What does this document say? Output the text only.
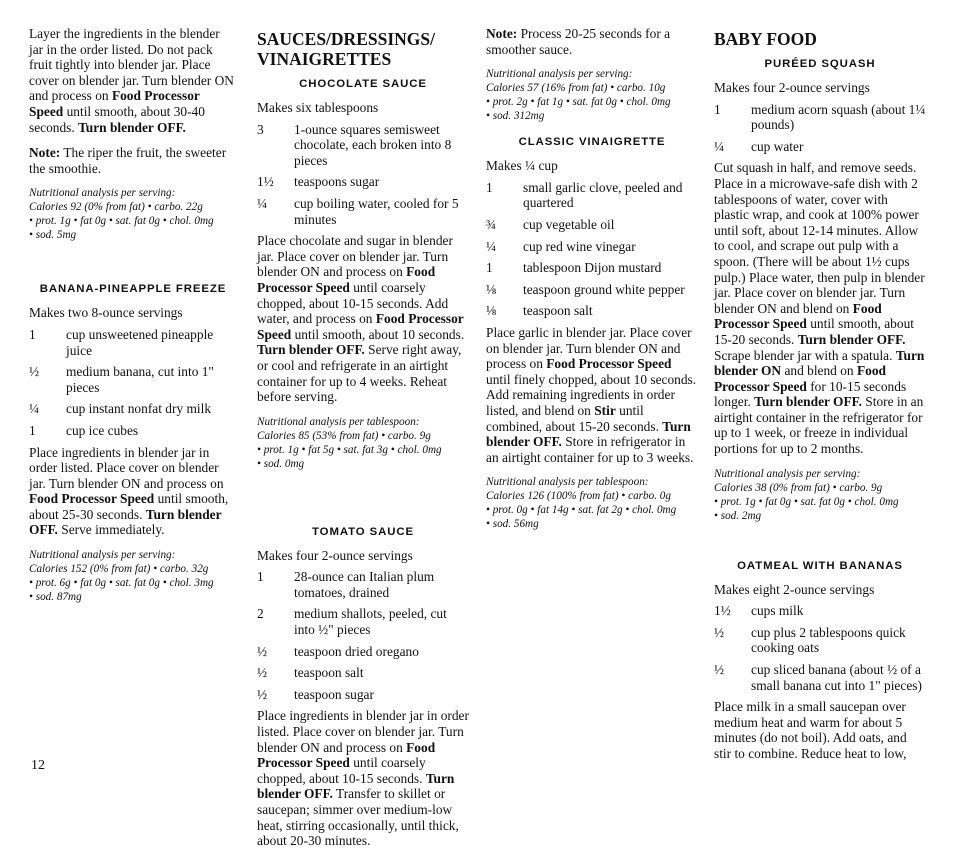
Layer the ingredients in the blender jar in the order listed. Do not pack fruit tightly into blender jar. Place cover on blender jar. Turn blender ON and process on Food Processor Speed until smooth, about 30-40 seconds. Turn blender OFF.

Note: The riper the fruit, the sweeter the smoothie.

Nutritional analysis per serving:
Calories 92 (0% from fat) • carbo. 22g
• prot. 1g • fat 0g • sat. fat 0g • chol. 0mg
• sod. 5mg
BANANA-PINEAPPLE FREEZE
Makes two 8-ounce servings
1	cup unsweetened pineapple juice
½	medium banana, cut into 1" pieces
¼	cup instant nonfat dry milk
1	cup ice cubes

Place ingredients in blender jar in order listed. Place cover on blender jar. Turn blender ON and process on Food Processor Speed until smooth, about 25-30 seconds. Turn blender OFF. Serve immediately.

Nutritional analysis per serving:
Calories 152 (0% from fat) • carbo. 32g
• prot. 6g • fat 0g • sat. fat 0g • chol. 3mg
• sod. 87mg
SAUCES/DRESSINGS/ VINAIGRETTES
CHOCOLATE SAUCE
Makes six tablespoons
3	1-ounce squares semisweet chocolate, each broken into 8 pieces
1½	teaspoons sugar
¼	cup boiling water, cooled for 5 minutes

Place chocolate and sugar in blender jar. Place cover on blender jar. Turn blender ON and process on Food Processor Speed until coarsely chopped, about 10-15 seconds. Add water, and process on Food Processor Speed until smooth, about 10 seconds. Turn blender OFF. Serve right away, or cool and refrigerate in an airtight container for up to 4 weeks. Reheat before serving.

Nutritional analysis per tablespoon:
Calories 85 (53% from fat) • carbo. 9g
• prot. 1g • fat 5g • sat. fat 3g • chol. 0mg
• sod. 0mg
TOMATO SAUCE
Makes four 2-ounce servings
1	28-ounce can Italian plum tomatoes, drained
2	medium shallots, peeled, cut into ½" pieces
½	teaspoon dried oregano
½	teaspoon salt
½	teaspoon sugar

Place ingredients in blender jar in order listed. Place cover on blender jar. Turn blender ON and process on Food Processor Speed until coarsely chopped, about 10-15 seconds. Turn blender OFF. Transfer to skillet or saucepan; simmer over medium-low heat, stirring occasionally, until thick, about 20-30 minutes.

Note: Process 20-25 seconds for a smoother sauce.

Nutritional analysis per serving:
Calories 57 (16% from fat) • carbo. 10g
• prot. 2g • fat 1g • sat. fat 0g • chol. 0mg
• sod. 312mg
CLASSIC VINAIGRETTE
Makes ¼ cup
1	small garlic clove, peeled and quartered
¾	cup vegetable oil
¼	cup red wine vinegar
1	tablespoon Dijon mustard
⅛	teaspoon ground white pepper
⅛	teaspoon salt

Place garlic in blender jar. Place cover on blender jar. Turn blender ON and process on Food Processor Speed until finely chopped, about 10 seconds. Add remaining ingredients in order listed, and blend on Stir until combined, about 15-20 seconds. Turn blender OFF. Store in refrigerator in an airtight container for up to 3 weeks.

Nutritional analysis per tablespoon:
Calories 126 (100% from fat) • carbo. 0g
• prot. 0g • fat 14g • sat. fat 2g • chol. 0mg
• sod. 56mg
BABY FOOD
PURÉED SQUASH
Makes four 2-ounce servings
1	medium acorn squash (about 1¼ pounds)
¼	cup water

Cut squash in half, and remove seeds. Place in a microwave-safe dish with 2 tablespoons of water, cover with plastic wrap, and cook at 100% power until soft, about 12-14 minutes. Allow to cool, and scrape out pulp with a spoon. (There will be about 1½ cups pulp.) Place water, then pulp in blender jar. Place cover on blender jar. Turn blender ON and blend on Food Processor Speed until smooth, about 15-20 seconds. Turn blender OFF. Scrape blender jar with a spatula. Turn blender ON and blend on Food Processor Speed for 10-15 seconds longer. Turn blender OFF. Store in an airtight container in the refrigerator for up to 1 week, or freeze in individual portions for up to 2 months.

Nutritional analysis per serving:
Calories 38 (0% from fat) • carbo. 9g
• prot. 1g • fat 0g • sat. fat 0g • chol. 0mg
• sod. 2mg
OATMEAL WITH BANANAS
Makes eight 2-ounce servings
1½	cups milk
½	cup plus 2 tablespoons quick cooking oats
½	cup sliced banana (about ½ of a small banana cut into 1" pieces)

Place milk in a small saucepan over medium heat and warm for about 5 minutes (do not boil). Add oats, and stir to combine. Reduce heat to low,

12
